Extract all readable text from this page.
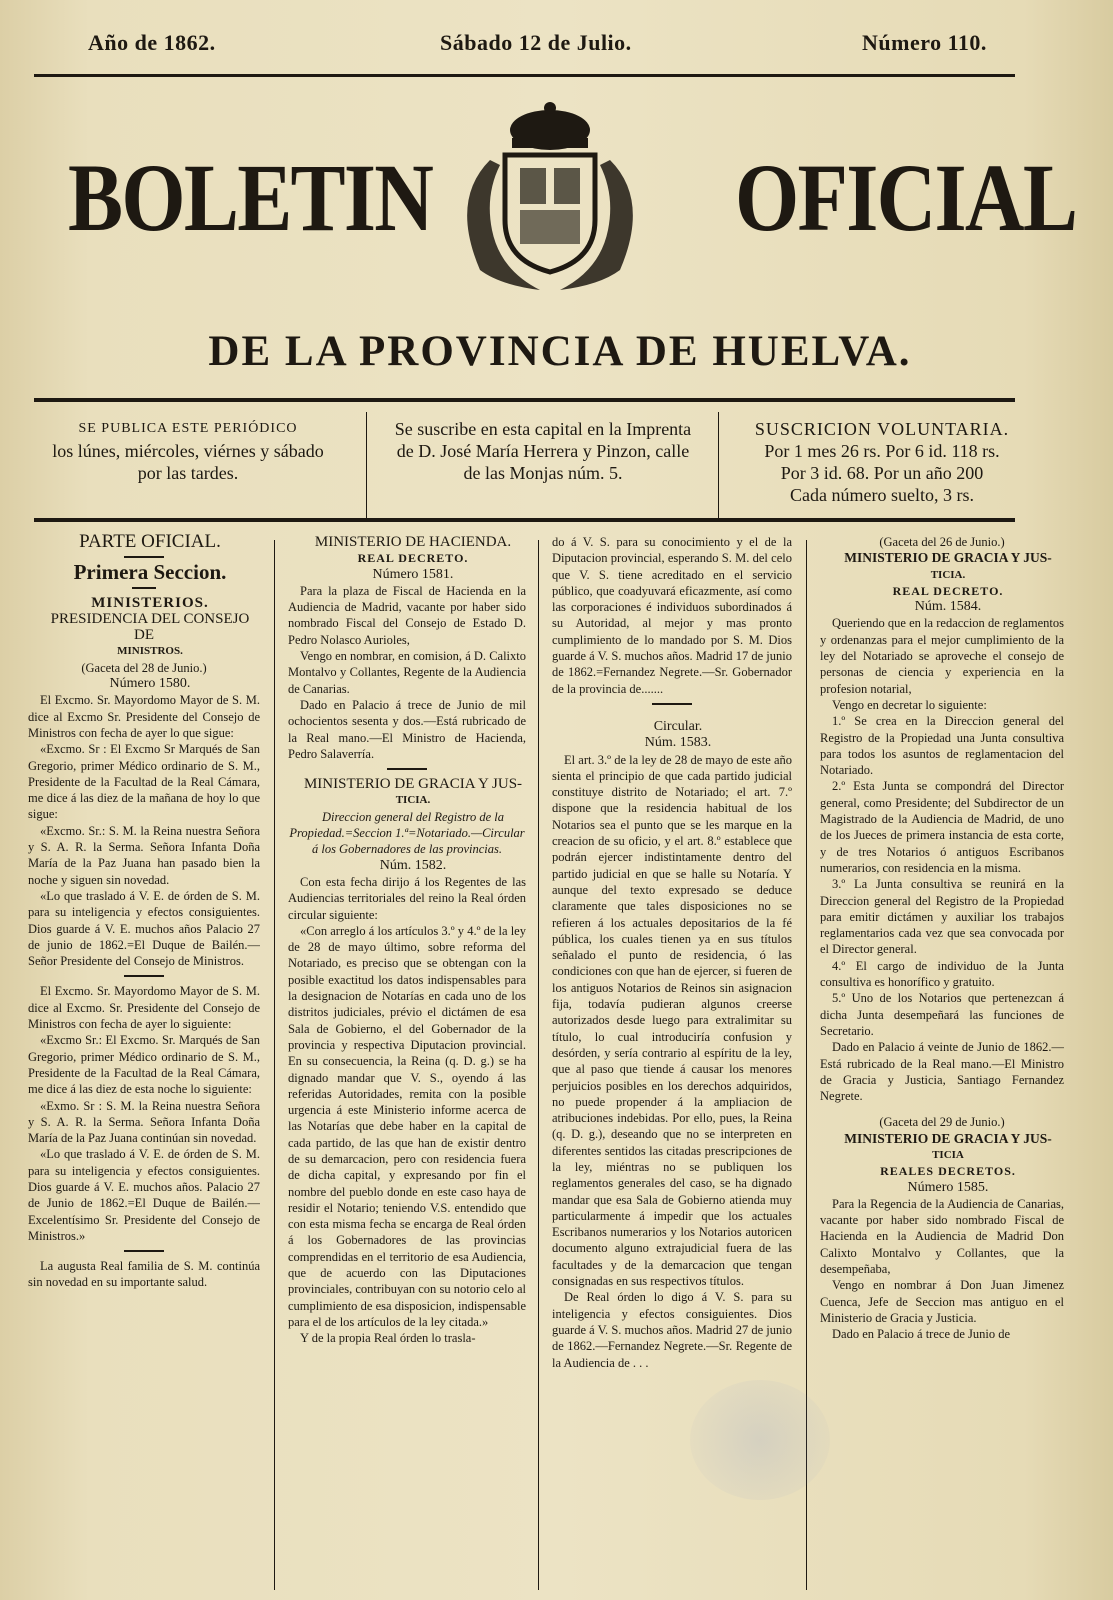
Año de 1862.	Sábado 12 de Julio.	Número 110.
BOLETIN	OFICIAL
DE LA PROVINCIA DE HUELVA.
SE PUBLICA ESTE PERIÓDICO
los lúnes, miércoles, viérnes y sábado
por las tardes.
Se suscribe en esta capital en la Imprenta
de D. José María Herrera y Pinzon, calle
de las Monjas núm. 5.
SUSCRICION VOLUNTARIA.
Por 1 mes 26 rs. Por 6 id. 118 rs.
Por 3 id. 68. Por un año 200
Cada número suelto, 3 rs.

PARTE OFICIAL.

Primera Seccion.

MINISTERIOS.

PRESIDENCIA DEL CONSEJO DE

MINISTROS.

(Gaceta del 28 de Junio.)

Número 1580.

El Excmo. Sr. Mayordomo Mayor de S. M. dice al Excmo Sr. Presidente del Consejo de Ministros con fecha de ayer lo que sigue:

«Excmo. Sr : El Excmo Sr Marqués de San Gregorio, primer Médico ordinario de S. M., Presidente de la Facultad de la Real Cámara, me dice á las diez de la mañana de hoy lo que sigue:

«Excmo. Sr.: S. M. la Reina nuestra Señora y S. A. R. la Serma. Señora Infanta Doña María de la Paz Juana han pasado bien la noche y siguen sin novedad.

«Lo que traslado á V. E. de órden de S. M. para su inteligencia y efectos consiguientes. Dios guarde á V. E. muchos años Palacio 27 de junio de 1862.=El Duque de Bailén.—Señor Presidente del Consejo de Ministros.

El Excmo. Sr. Mayordomo Mayor de S. M. dice al Excmo. Sr. Presidente del Consejo de Ministros con fecha de ayer lo siguiente:

«Excmo Sr.: El Excmo. Sr. Marqués de San Gregorio, primer Médico ordinario de S. M., Presidente de la Facultad de la Real Cámara, me dice á las diez de esta noche lo siguiente:

«Exmo. Sr : S. M. la Reina nuestra Señora y S. A. R. la Serma. Señora Infanta Doña María de la Paz Juana continúan sin novedad.

«Lo que traslado á V. E. de órden de S. M. para su inteligencia y efectos consiguientes. Dios guarde á V. E. muchos años. Palacio 27 de Junio de 1862.=El Duque de Bailén.—Excelentísimo Sr. Presidente del Consejo de Ministros.»

La augusta Real familia de S. M. continúa sin novedad en su importante salud.

MINISTERIO DE HACIENDA.

REAL DECRETO.

Número 1581.

Para la plaza de Fiscal de Hacienda en la Audiencia de Madrid, vacante por haber sido nombrado Fiscal del Consejo de Estado D. Pedro Nolasco Aurioles,

Vengo en nombrar, en comision, á D. Calixto Montalvo y Collantes, Regente de la Audiencia de Canarias.

Dado en Palacio á trece de Junio de mil ochocientos sesenta y dos.—Está rubricado de la Real mano.—El Ministro de Hacienda, Pedro Salaverría.

MINISTERIO DE GRACIA Y JUS-

TICIA.

Direccion general del Registro de la Propiedad.=Seccion 1.ª=Notariado.—Circular á los Gobernadores de las provincias.

Núm. 1582.

Con esta fecha dirijo á los Regentes de las Audiencias territoriales del reino la Real órden circular siguiente:

«Con arreglo á los artículos 3.º y 4.º de la ley de 28 de mayo último, sobre reforma del Notariado, es preciso que se obtengan con la posible exactitud los datos indispensables para la designacion de Notarías en cada uno de los distritos judiciales, prévio el dictámen de esa Sala de Gobierno, el del Gobernador de la provincia y respectiva Diputacion provincial. En su consecuencia, la Reina (q. D. g.) se ha dignado mandar que V. S., oyendo á las referidas Autoridades, remita con la posible urgencia á este Ministerio informe acerca de las Notarías que debe haber en la capital de cada partido, de las que han de existir dentro de su demarcacion, pero con residencia fuera de dicha capital, y expresando por fin el nombre del pueblo donde en este caso haya de residir el Notario; teniendo V.S. entendido que con esta misma fecha se encarga de Real órden á los Gobernadores de las provincias comprendidas en el territorio de esa Audiencia, que de acuerdo con las Diputaciones provinciales, contribuyan con su notorio celo al cumplimiento de esa disposicion, indispensable para el de los artículos de la ley citada.»

Y de la propia Real órden lo trasla-

do á V. S. para su conocimiento y el de la Diputacion provincial, esperando S. M. del celo que V. S. tiene acreditado en el servicio público, que coadyuvará eficazmente, así como las corporaciones é individuos subordinados á su Autoridad, al mejor y mas pronto cumplimiento de lo mandado por S. M. Dios guarde á V. S. muchos años. Madrid 17 de junio de 1862.=Fernandez Negrete.—Sr. Gobernador de la provincia de.......

Circular.

Núm. 1583.

El art. 3.º de la ley de 28 de mayo de este año sienta el principio de que cada partido judicial constituye distrito de Notariado; el art. 7.º dispone que la residencia habitual de los Notarios sea el punto que se les marque en la creacion de su oficio, y el art. 8.º establece que podrán ejercer indistintamente dentro del partido judicial en que se halle su Notaría. Y aunque del texto expresado se deduce claramente que tales disposiciones no se refieren á los actuales depositarios de la fé pública, los cuales tienen ya en sus títulos señalado el punto de residencia, ó las condiciones con que han de ejercer, si fueren de los antiguos Notarios de Reinos sin asignacion fija, todavía pudieran algunos creerse autorizados desde luego para extralimitar su título, lo cual introduciría confusion y desórden, y sería contrario al espíritu de la ley, que al paso que tiende á causar los menores perjuicios posibles en los derechos adquiridos, no puede propender á la ampliacion de atribuciones indebidas. Por ello, pues, la Reina (q. D. g.), deseando que no se interpreten en diferentes sentidos las citadas prescripciones de la ley, miéntras no se publiquen los reglamentos generales del caso, se ha dignado mandar que esa Sala de Gobierno atienda muy particularmente á impedir que los actuales Escribanos numerarios y los Notarios autoricen documento alguno extrajudicial fuera de las facultades y de la demarcacion que tengan consignadas en sus respectivos títulos.

De Real órden lo digo á V. S. para su inteligencia y efectos consiguientes. Dios guarde á V. S. muchos años. Madrid 27 de junio de 1862.—Fernandez Negrete.—Sr. Regente de la Audiencia de . . .

(Gaceta del 26 de Junio.)

MINISTERIO DE GRACIA Y JUS-

TICIA.

REAL DECRETO.

Núm. 1584.

Queriendo que en la redaccion de reglamentos y ordenanzas para el mejor cumplimiento de la ley del Notariado se aproveche el consejo de personas de ciencia y experiencia en la profesion notarial,

Vengo en decretar lo siguiente:

1.º Se crea en la Direccion general del Registro de la Propiedad una Junta consultiva para todos los asuntos de reglamentacion del Notariado.

2.º Esta Junta se compondrá del Director general, como Presidente; del Subdirector de un Magistrado de la Audiencia de Madrid, de uno de los Jueces de primera instancia de esta corte, y de tres Notarios ó antiguos Escribanos numerarios, con residencia en la misma.

3.º La Junta consultiva se reunirá en la Direccion general del Registro de la Propiedad para emitir dictámen y auxiliar los trabajos reglamentarios cada vez que sea convocada por el Director general.

4.º El cargo de individuo de la Junta consultiva es honorífico y gratuito.

5.º Uno de los Notarios que pertenezcan á dicha Junta desempeñará las funciones de Secretario.

Dado en Palacio á veinte de Junio de 1862.—Está rubricado de la Real mano.—El Ministro de Gracia y Justicia, Santiago Fernandez Negrete.

(Gaceta del 29 de Junio.)

MINISTERIO DE GRACIA Y JUS-

TICIA

REALES DECRETOS.

Número 1585.

Para la Regencia de la Audiencia de Canarias, vacante por haber sido nombrado Fiscal de Hacienda en la Audiencia de Madrid Don Calixto Montalvo y Collantes, que la desempeñaba,

Vengo en nombrar á Don Juan Jimenez Cuenca, Jefe de Seccion mas antiguo en el Ministerio de Gracia y Justicia.

Dado en Palacio á trece de Junio de
